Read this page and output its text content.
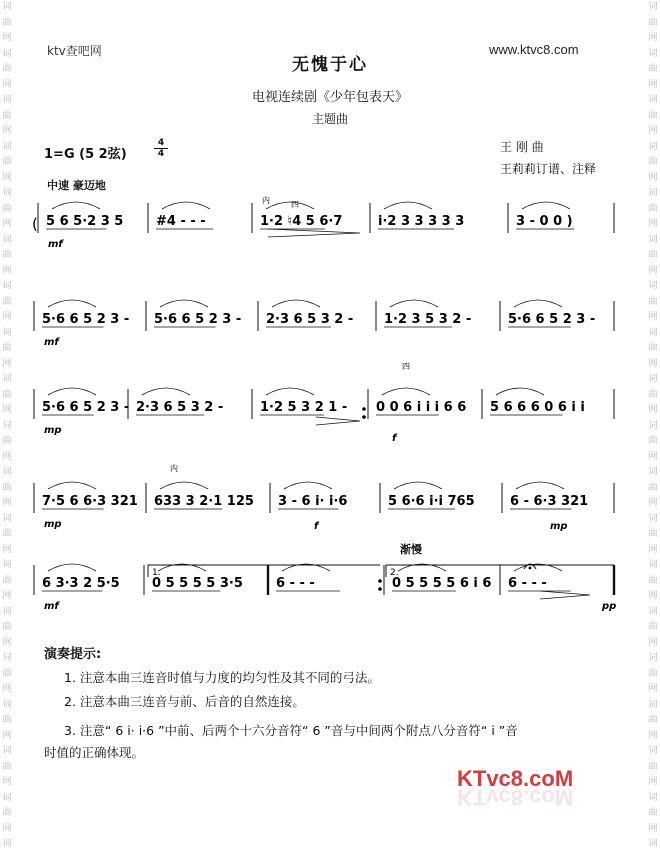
词
曲
网
词
曲
网
词
曲
网
词
曲
网
词
曲
网
词
曲
网
词
曲
网
词
曲
网
词
曲
网
词
曲
网
词
曲
网
词
曲
网
词
曲
网
词
曲
网
词
曲
网
词
曲
网
词
曲
网
词
曲
网
词
词
曲
网
词
曲
网
词
曲
网
词
曲
网
词
曲
网
词
曲
网
词
曲
网
词
曲
网
词
曲
网
词
曲
网
词
曲
网
词
曲
网
词
曲
网
词
曲
网
词
曲
网
词
曲
网
词
曲
网
词
曲
网
词
ktv查吧网	www.ktvc8.com
无愧于心
电视连续剧《少年包表天》
主题曲
1=G (5 2弦)
4
4	王 刚 曲
王莉莉订谱、注释
中速 豪迈地
5 6 5·2 3 5	#4 - - -	1·2 ♮4 5 6·7	i·2 3 3 3 3 3	3 - 0 0 )
mf
5·6 6 5 2 3 - 5·6 6 5 2 3 - 2·3 6 5 3 2 - 1·2 3 5 3 2 -	5·6 6 5 2 3 -
mf
5·6 6 5 2 3 - 2·3 6 5 3 2 -	1·2 5 3 2 1 - 0 0 6 i i i 6 6 5 6 6 6 0 6 i i
mp
7·5 6 6·3 321 633 3 2·1 125 3 - 6 i· i·6	5 6·6 i·i 765	6 - 6·3 321
mp
6 3·3 2 5·5 0 5 5 5 5 3·5	6 - - -	0 5 5 5 5 6 i 6 6 - - -
mf
(
内	四
四
内
f
f	mp
pp
渐慢
1.	2.
演奏提示:
1. 注意本曲三连音时值与力度的均匀性及其不同的弓法。
2. 注意本曲三连音与前、后音的自然连接。
3. 注意“ 6 i· i·6 ”中前、后两个十六分音符“ 6 ”音与中间两个附点八分音符“ i ”音
时值的正确体现。
KTvc8.coM
KTvc8.coM
